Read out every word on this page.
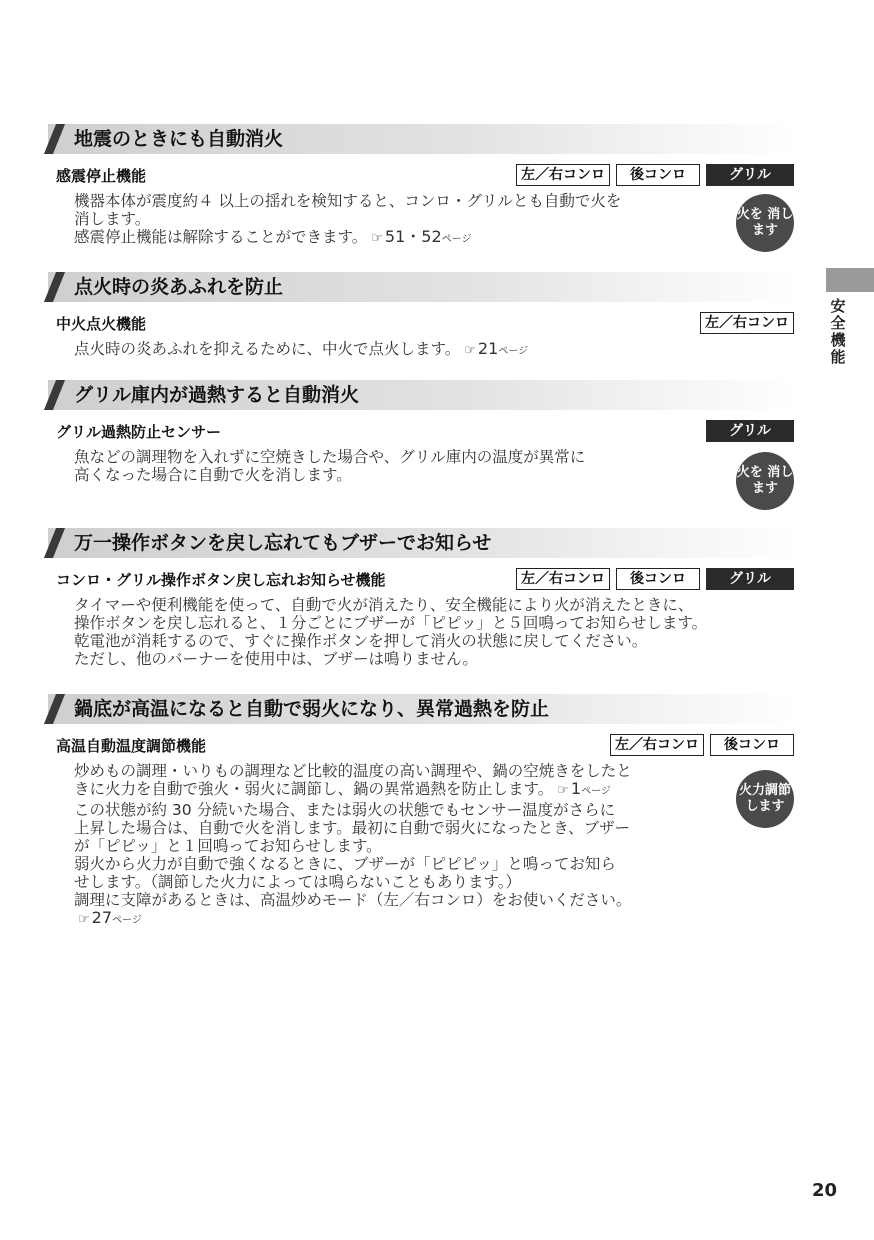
安全機能
地震のときにも自動消火
感震停止機能	左／右コンロ	後コンロ	グリル

機器本体が震度約４ 以上の揺れを検知すると、コンロ・グリルとも自動で火を

消します。

感震停止機能は解除することができます。 ☞ 51・52ページ

火を 消します
点火時の炎あふれを防止
中火点火機能	左／右コンロ

点火時の炎あふれを抑えるために、中火で点火します。 ☞ 21ページ

グリル庫内が過熱すると自動消火
グリル過熱防止センサー	グリル

魚などの調理物を入れずに空焼きした場合や、グリル庫内の温度が異常に

高くなった場合に自動で火を消します。	火を 消します
万一操作ボタンを戻し忘れてもブザーでお知らせ
コンロ・グリル操作ボタン戻し忘れお知らせ機能	左／右コンロ	後コンロ	グリル

タイマーや便利機能を使って、自動で火が消えたり、安全機能により火が消えたときに、

操作ボタンを戻し忘れると、１分ごとにブザーが「ピピッ」と５回鳴ってお知らせします。

乾電池が消耗するので、すぐに操作ボタンを押して消火の状態に戻してください。

ただし、他のバーナーを使用中は、ブザーは鳴りません。

鍋底が高温になると自動で弱火になり、異常過熱を防止
高温自動温度調節機能	左／右コンロ	後コンロ

炒めもの調理・いりもの調理など比較的温度の高い調理や、鍋の空焼きをしたと

きに火力を自動で強火・弱火に調節し、鍋の異常過熱を防止します。 ☞ 1ページ

この状態が約 30 分続いた場合、または弱火の状態でもセンサー温度がさらに

上昇した場合は、自動で火を消します。最初に自動で弱火になったとき、ブザー

が「ピピッ」と１回鳴ってお知らせします。

弱火から火力が自動で強くなるときに、ブザーが「ピピピッ」と鳴ってお知ら

せします。（調節した火力によっては鳴らないこともあります。）

調理に支障があるときは、高温炒めモード（左／右コンロ）をお使いください。

☞ 27ページ

火力調節 します
20
